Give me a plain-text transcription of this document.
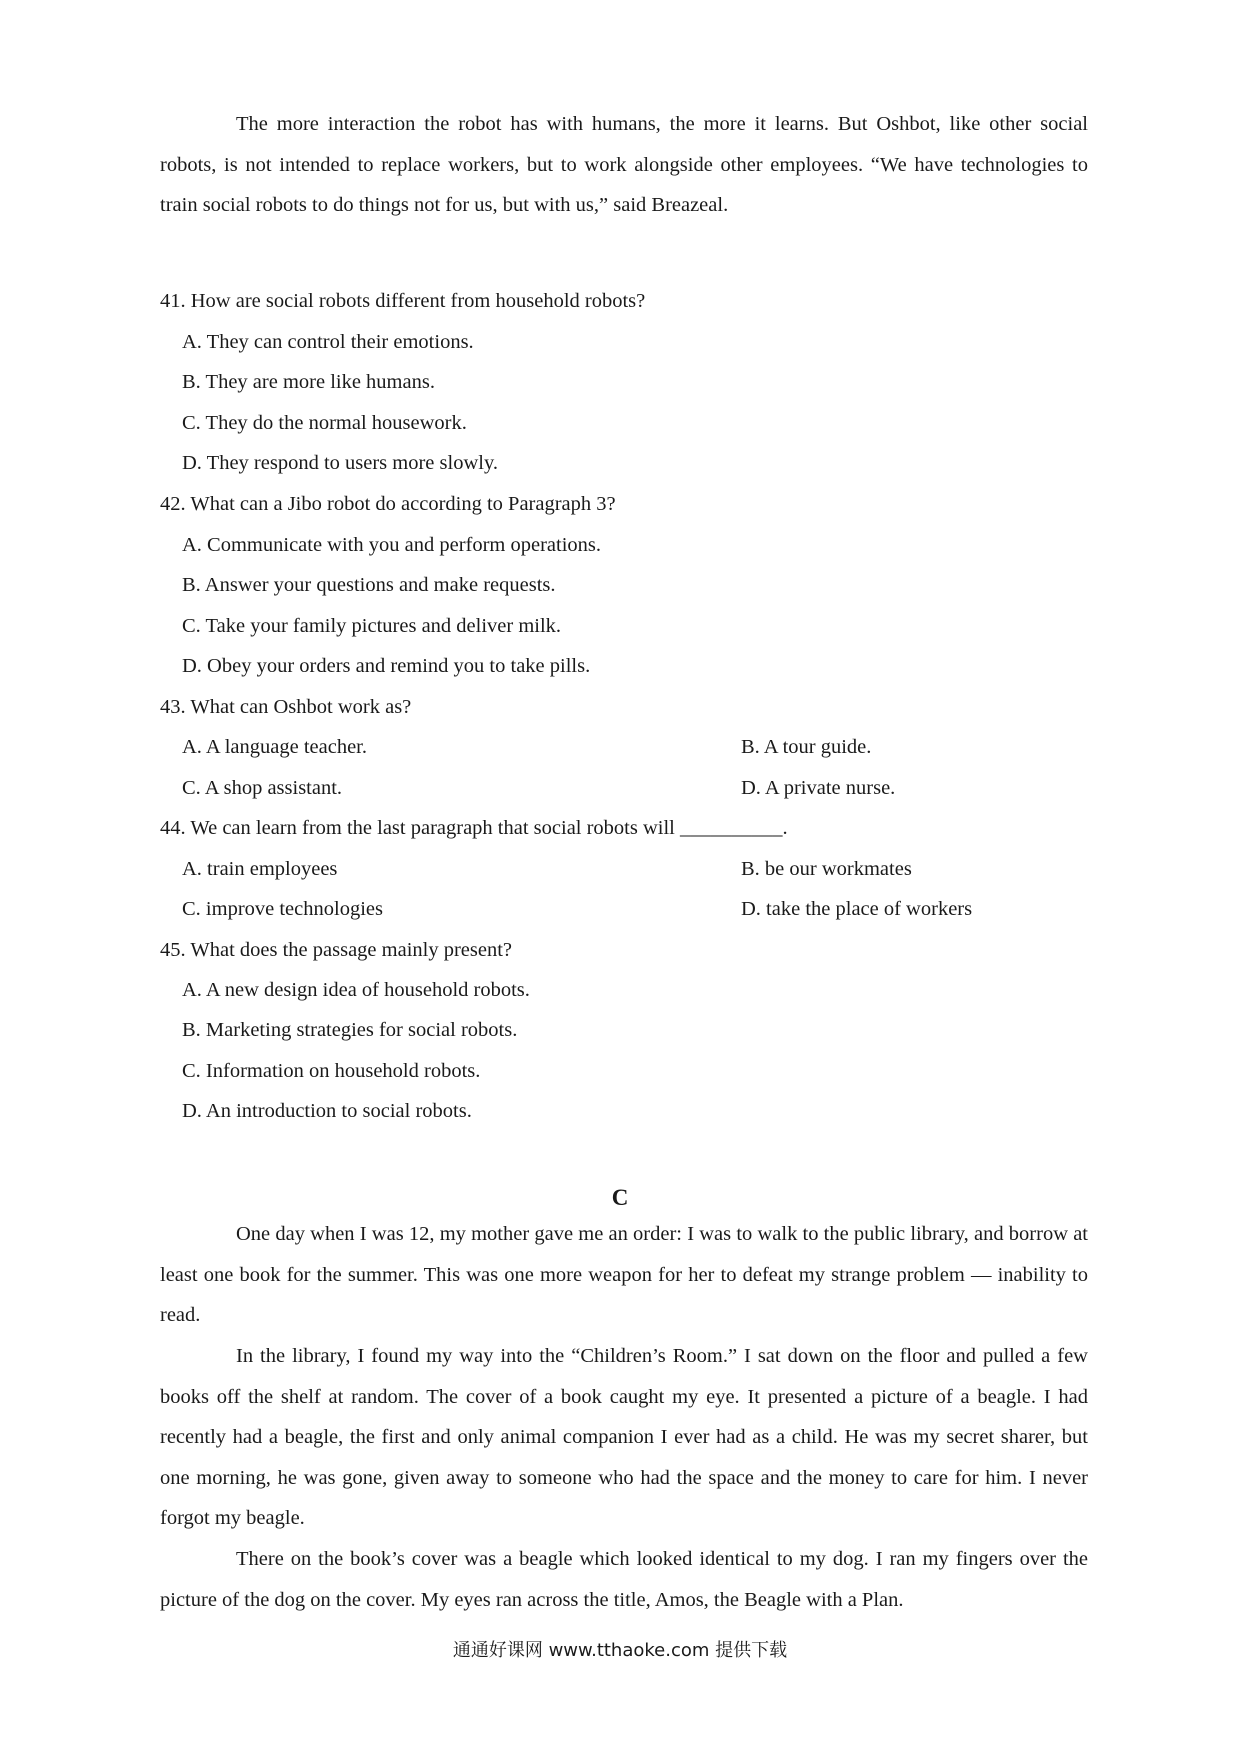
The more interaction the robot has with humans, the more it learns. But Oshbot, like other social robots, is not intended to replace workers, but to work alongside other employees. “We have technologies to train social robots to do things not for us, but with us,” said Breazeal.

41. How are social robots different from household robots?

A. They can control their emotions.

B. They are more like humans.

C. They do the normal housework.

D. They respond to users more slowly.

42. What can a Jibo robot do according to Paragraph 3?

A. Communicate with you and perform operations.

B. Answer your questions and make requests.

C. Take your family pictures and deliver milk.

D. Obey your orders and remind you to take pills.

43. What can Oshbot work as?

A. A language teacher.	B. A tour guide.

C. A shop assistant.	D. A private nurse.

44. We can learn from the last paragraph that social robots will __________.

A. train employees	B. be our workmates

C. improve technologies	D. take the place of workers

45. What does the passage mainly present?

A. A new design idea of household robots.

B. Marketing strategies for social robots.

C. Information on household robots.

D. An introduction to social robots.

C

One day when I was 12, my mother gave me an order: I was to walk to the public library, and borrow at least one book for the summer. This was one more weapon for her to defeat my strange problem — inability to read.

In the library, I found my way into the “Children’s Room.” I sat down on the floor and pulled a few books off the shelf at random. The cover of a book caught my eye. It presented a picture of a beagle. I had recently had a beagle, the first and only animal companion I ever had as a child. He was my secret sharer, but one morning, he was gone, given away to someone who had the space and the money to care for him. I never forgot my beagle.

There on the book’s cover was a beagle which looked identical to my dog. I ran my fingers over the picture of the dog on the cover. My eyes ran across the title, Amos, the Beagle with a Plan.

通通好课网 www.tthaoke.com 提供下载
